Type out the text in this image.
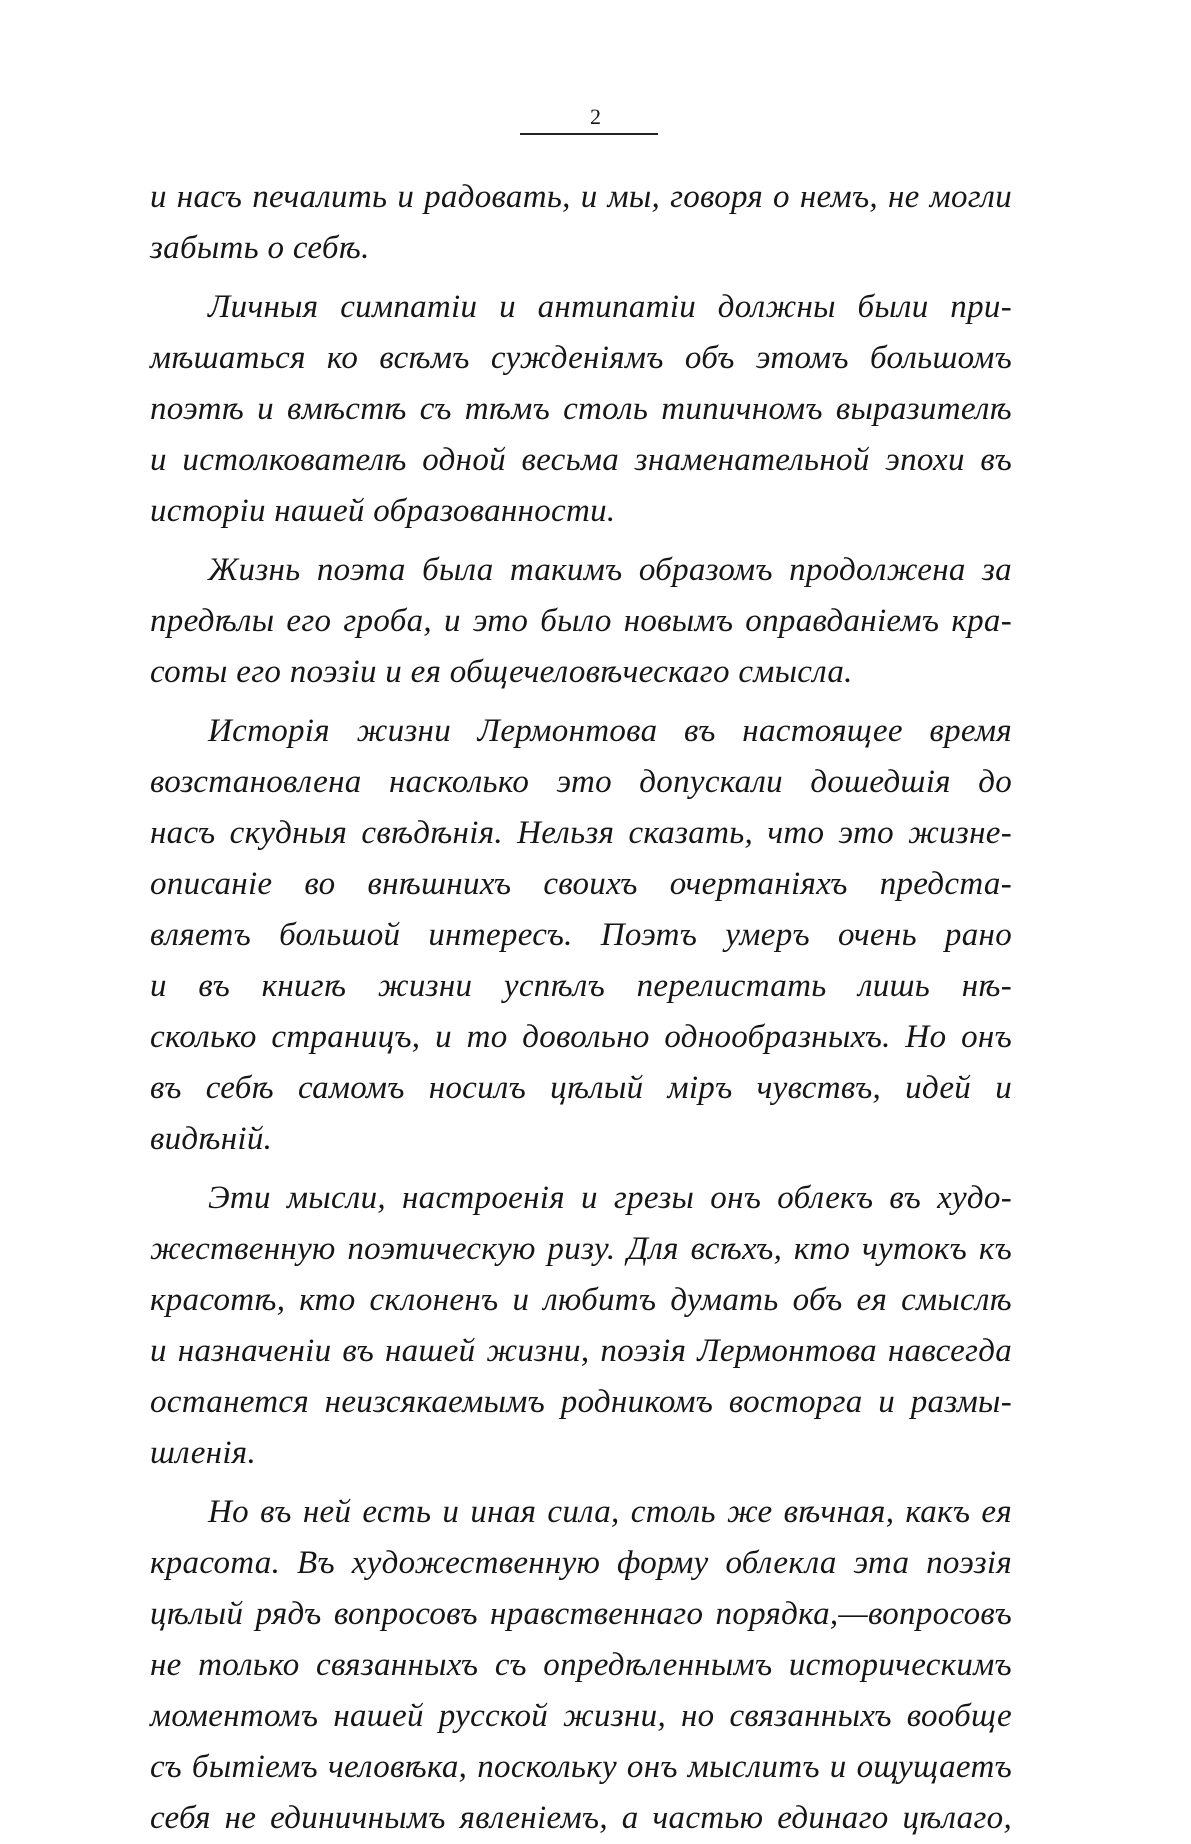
2
и насъ печалить и радовать, и мы, говоря о немъ, не могли
забыть о себѣ.
Личныя симпатіи и антипатіи должны были при-
мѣшаться ко всѣмъ сужденіямъ объ этомъ большомъ
поэтѣ и вмѣстѣ съ тѣмъ столь типичномъ выразителѣ
и истолкователѣ одной весьма знаменательной эпохи въ
исторіи нашей образованности.
Жизнь поэта была такимъ образомъ продолжена за
предѣлы его гроба, и это было новымъ оправданіемъ кра-
соты его поэзіи и ея общечеловѣческаго смысла.
Исторія жизни Лермонтова въ настоящее время
возстановлена насколько это допускали дошедшія до
насъ скудныя свѣдѣнія. Нельзя сказать, что это жизне-
описаніе во внѣшнихъ своихъ очертаніяхъ предста-
вляетъ большой интересъ. Поэтъ умеръ очень рано
и въ книгѣ жизни успѣлъ перелистать лишь нѣ-
сколько страницъ, и то довольно однообразныхъ. Но онъ
въ себѣ самомъ носилъ цѣлый міръ чувствъ, идей и
видѣній.
Эти мысли, настроенія и грезы онъ облекъ въ худо-
жественную поэтическую ризу. Для всѣхъ, кто чутокъ къ
красотѣ, кто склоненъ и любитъ думать объ ея смыслѣ
и назначеніи въ нашей жизни, поэзія Лермонтова навсегда
останется неизсякаемымъ родникомъ восторга и размы-
шленія.
Но въ ней есть и иная сила, столь же вѣчная, какъ ея
красота. Въ художественную форму облекла эта поэзія
цѣлый рядъ вопросовъ нравственнаго порядка,—вопросовъ
не только связанныхъ съ опредѣленнымъ историческимъ
моментомъ нашей русской жизни, но связанныхъ вообще
съ бытіемъ человѣка, поскольку онъ мыслитъ и ощущаетъ
себя не единичнымъ явленіемъ, а частью единаго цѣлаго,
